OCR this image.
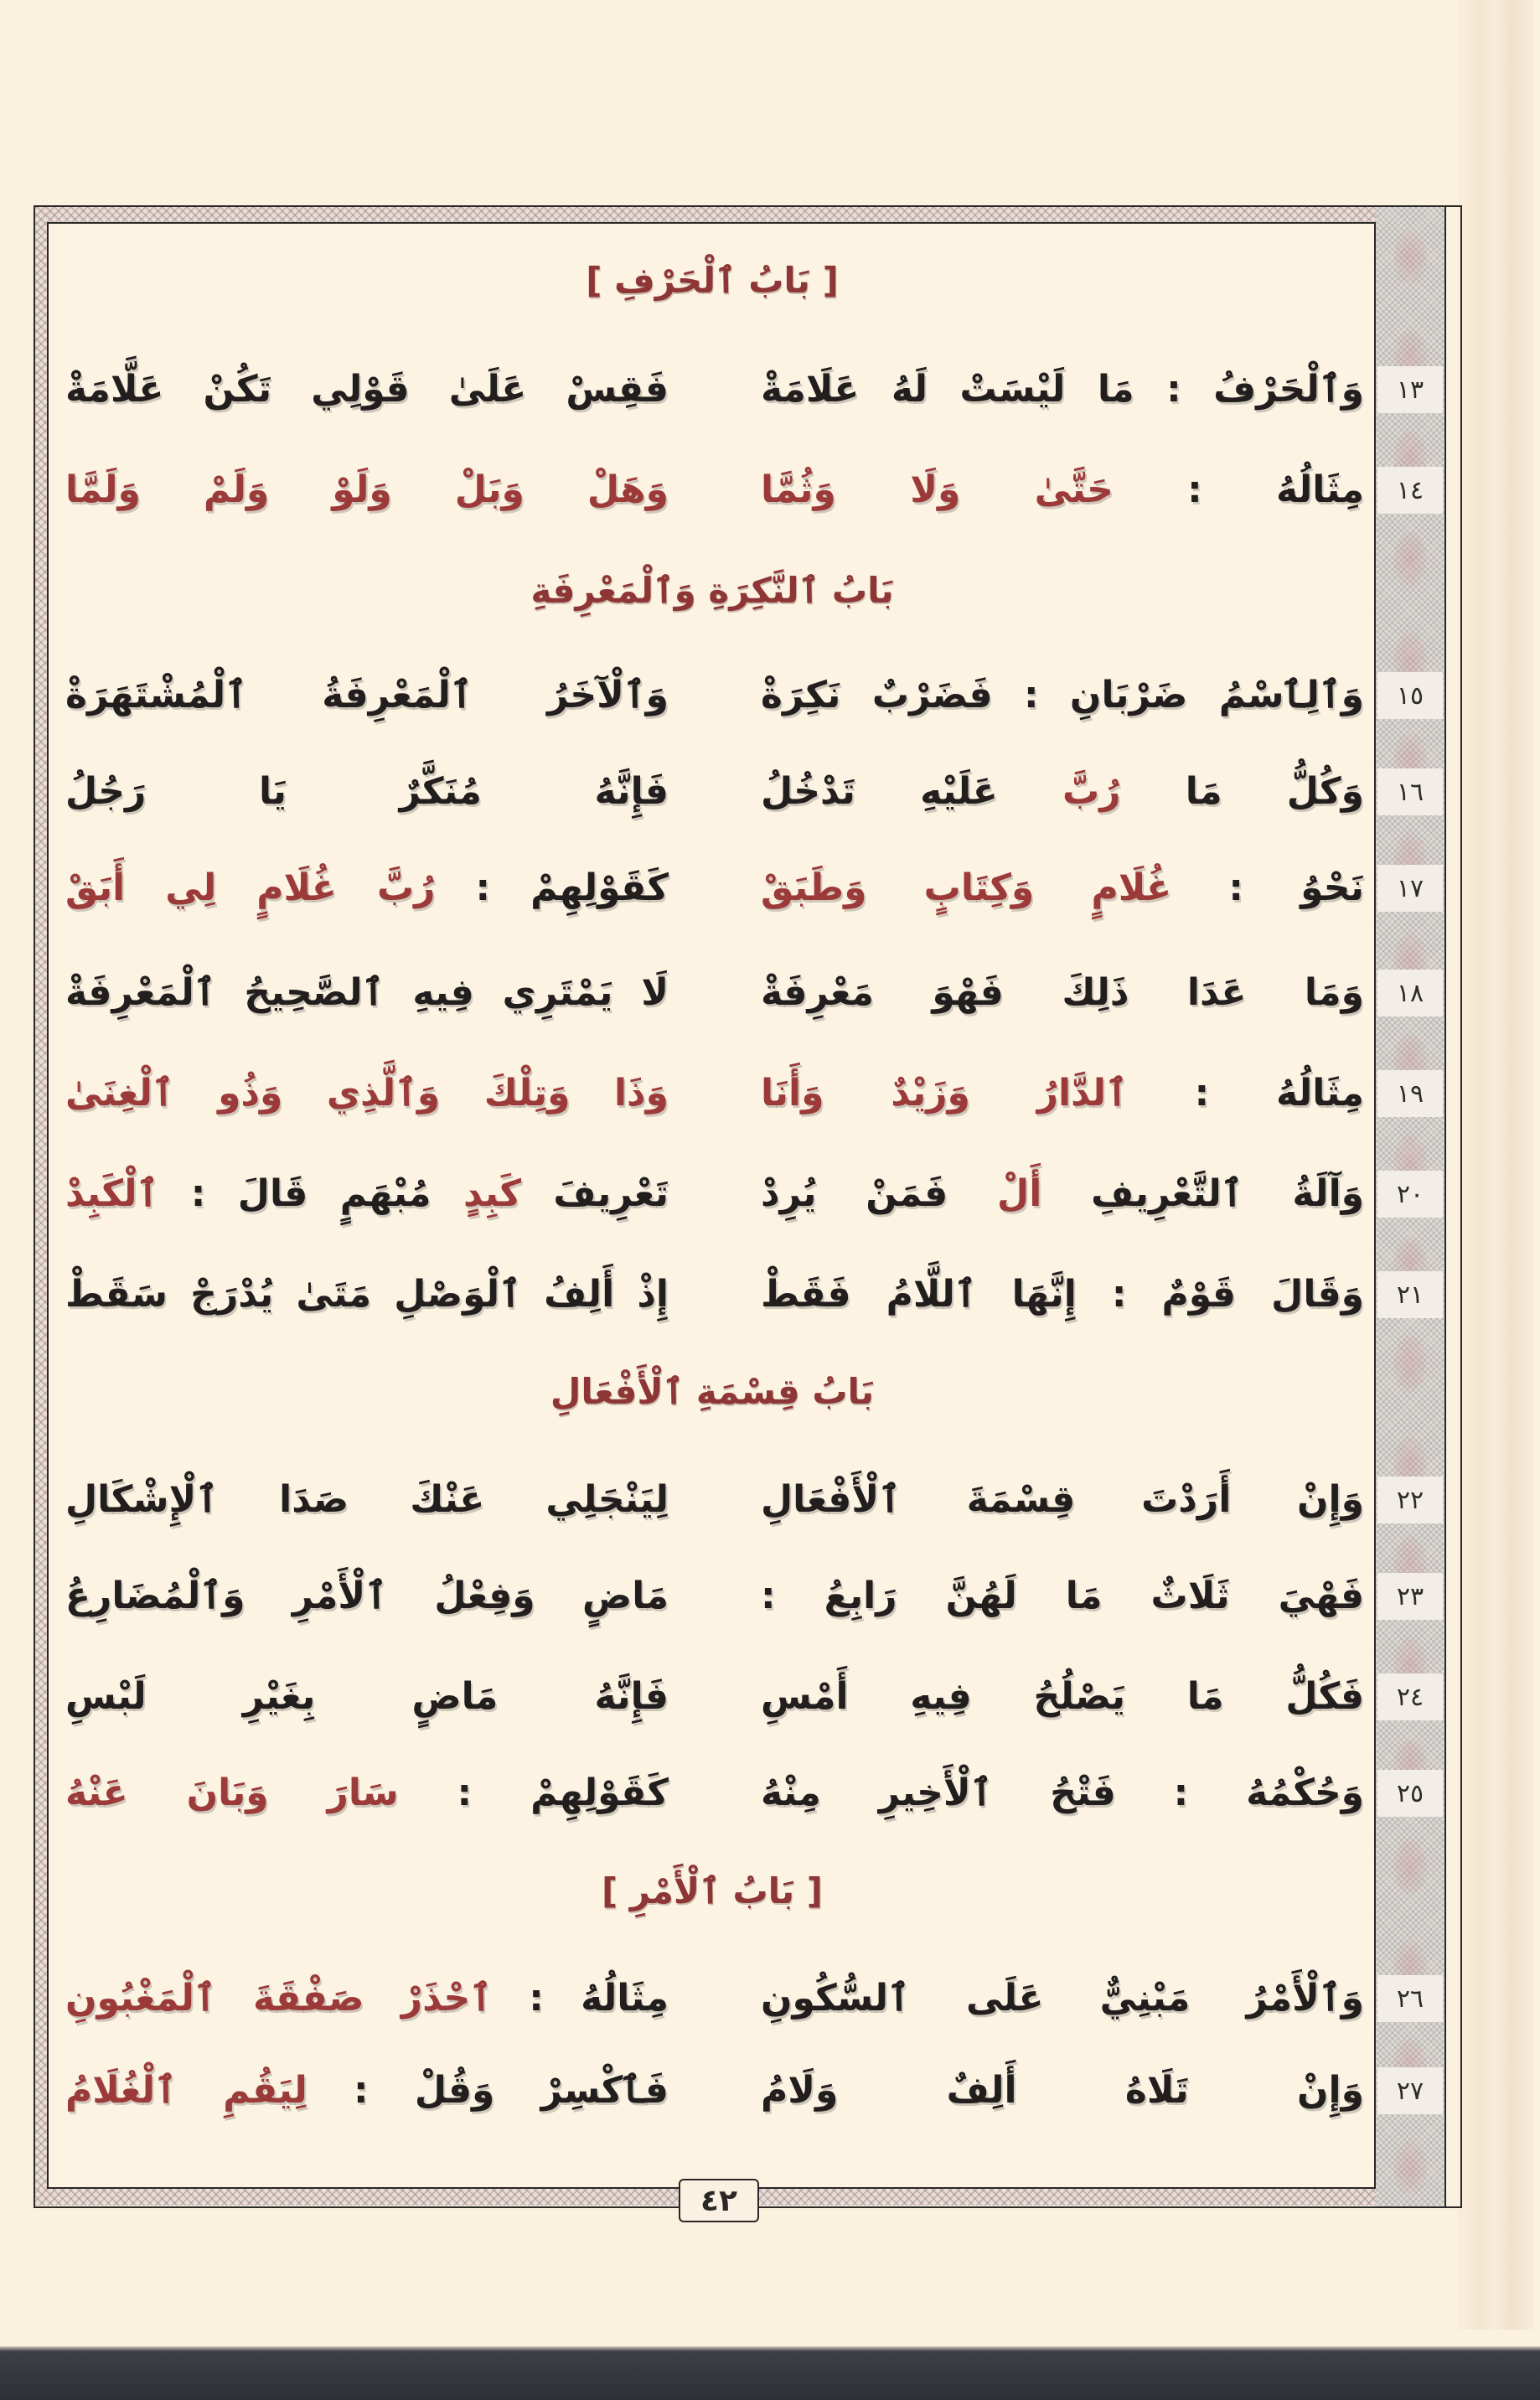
[ بَابُ ٱلْحَرْفِ ]
بَابُ ٱلنَّكِرَةِ وَٱلْمَعْرِفَةِ
بَابُ قِسْمَةِ ٱلْأَفْعَالِ
[ بَابُ ٱلْأَمْرِ ]
١٣
وَٱلْحَرْفُ : مَا لَيْسَتْ لَهُ عَلَامَةْ
فَقِسْ عَلَىٰ قَوْلِي تَكُنْ عَلَّامَةْ
١٤
مِثَالُهُ : حَتَّىٰ وَلَا وَثُمَّا
وَهَلْ وَبَلْ وَلَوْ وَلَمْ وَلَمَّا
١٥
وَٱلِٱسْمُ ضَرْبَانِ : فَضَرْبٌ نَكِرَةْ
وَٱلْآخَرُ ٱلْمَعْرِفَةُ ٱلْمُشْتَهَرَةْ
١٦
وَكُلُّ مَا رُبَّ عَلَيْهِ تَدْخُلُ
فَإِنَّهُ مُنَكَّرٌ يَا رَجُلُ
١٧
نَحْوُ : غُلَامٍ وَكِتَابٍ وَطَبَقْ
كَقَوْلِهِمْ : رُبَّ غُلَامٍ لِي أَبَقْ
١٨
وَمَا عَدَا ذَلِكَ فَهْوَ مَعْرِفَةْ
لَا يَمْتَرِي فِيهِ ٱلصَّحِيحُ ٱلْمَعْرِفَةْ
١٩
مِثَالُهُ : ٱلدَّارُ وَزَيْدٌ وَأَنَا
وَذَا وَتِلْكَ وَٱلَّذِي وَذُو ٱلْغِنَىٰ
٢٠
وَآلَةُ ٱلتَّعْرِيفِ أَلْ فَمَنْ يُرِدْ
تَعْرِيفَ كَبِدٍ مُبْهَمٍ قَالَ : ٱلْكَبِدْ
٢١
وَقَالَ قَوْمٌ : إِنَّهَا ٱللَّامُ فَقَطْ
إِذْ أَلِفُ ٱلْوَصْلِ مَتَىٰ يُدْرَجْ سَقَطْ
٢٢
وَإِنْ أَرَدْتَ قِسْمَةَ ٱلْأَفْعَالِ
لِيَنْجَلِي عَنْكَ صَدَا ٱلْإِشْكَالِ
٢٣
فَهْيَ ثَلَاثٌ مَا لَهُنَّ رَابِعُ :
مَاضٍ وَفِعْلُ ٱلْأَمْرِ وَٱلْمُضَارِعُ
٢٤
فَكُلُّ مَا يَصْلُحُ فِيهِ أَمْسِ
فَإِنَّهُ مَاضٍ بِغَيْرِ لَبْسِ
٢٥
وَحُكْمُهُ : فَتْحُ ٱلْأَخِيرِ مِنْهُ
كَقَوْلِهِمْ : سَارَ وَبَانَ عَنْهُ
٢٦
وَٱلْأَمْرُ مَبْنِيٌّ عَلَى ٱلسُّكُونِ
مِثَالُهُ : ٱحْذَرْ صَفْقَةَ ٱلْمَغْبُونِ
٢٧
وَإِنْ تَلَاهُ أَلِفٌ وَلَامُ
فَٱكْسِرْ وَقُلْ : لِيَقُمِ ٱلْغُلَامُ
٤٢
